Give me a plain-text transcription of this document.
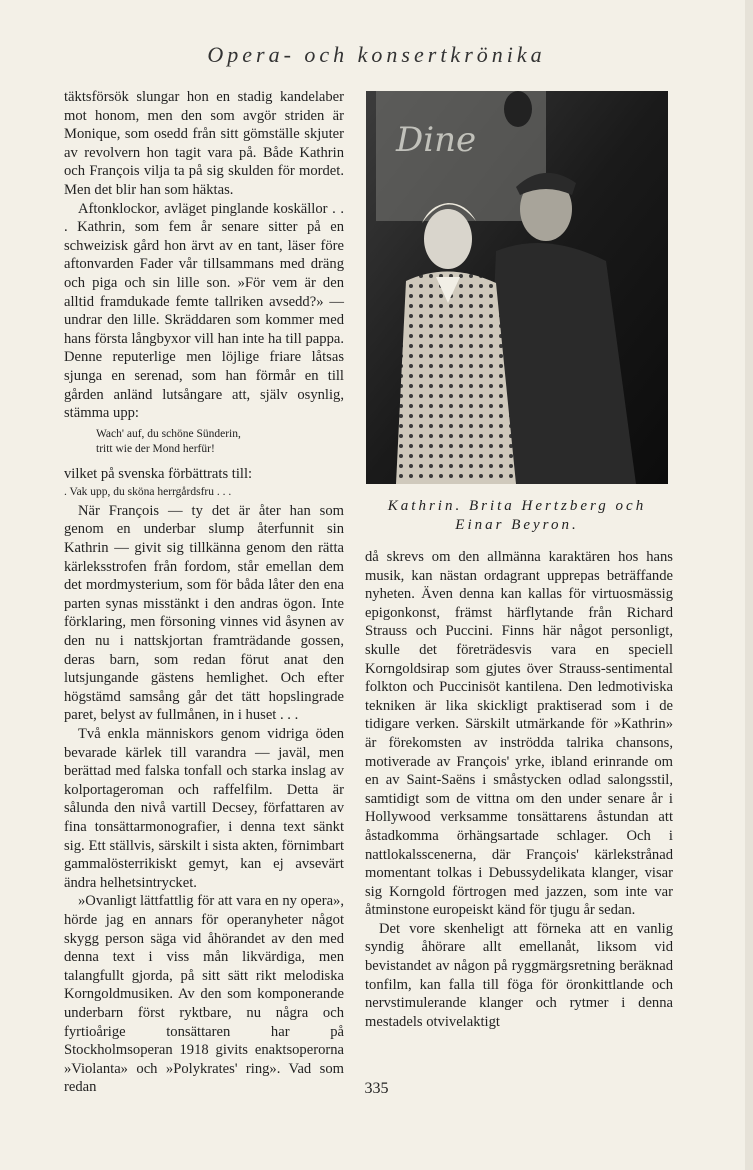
Opera- och konsertkrönika

täktsförsök slungar hon en stadig kandelaber mot honom, men den som avgör striden är Monique, som osedd från sitt gömställe skjuter av revolvern hon tagit vara på. Både Kathrin och François vilja ta på sig skulden för mordet. Men det blir han som häktas.

Aftonklockor, avläget pinglande koskällor . . . Kathrin, som fem år senare sitter på en schweizisk gård hon ärvt av en tant, läser före aftonvarden Fader vår tillsammans med dräng och piga och sin lille son. »För vem är den alltid framdukade femte tallriken avsedd?» — undrar den lille. Skräddaren som kommer med hans första långbyxor vill han inte ha till pappa. Denne reputerlige men löjlige friare låtsas sjunga en serenad, som han förmår en till gården anländ lutsångare att, själv osynlig, stämma upp:

Wach' auf, du schöne Sünderin,
tritt wie der Mond herfür!

vilket på svenska förbättrats till:

. Vak upp, du sköna herrgårdsfru . . .

När François — ty det är åter han som genom en underbar slump återfunnit sin Kathrin — givit sig tillkänna genom den rätta kärleksstrofen från fordom, står emellan dem det mordmysterium, som för båda låter den ena parten synas misstänkt i den andras ögon. Inte förklaring, men försoning vinnes vid åsynen av den nu i nattskjortan framträdande gossen, deras barn, som redan förut anat den lutsjungande gästens hemlighet. Och efter högstämd samsång går det tätt hopslingrade paret, belyst av fullmånen, in i huset . . .

Två enkla människors genom vidriga öden bevarade kärlek till varandra — javäl, men berättad med falska tonfall och starka inslag av kolportageroman och raffelfilm. Detta är sålunda den nivå vartill Decsey, författaren av fina tonsättarmonografier, i denna text sänkt sig. Ett ställvis, särskilt i sista akten, förnimbart gammalösterrikiskt gemyt, kan ej avsevärt ändra helhetsintrycket.

»Ovanligt lättfattlig för att vara en ny opera», hörde jag en annars för operanyheter något skygg person säga vid åhörandet av den med denna text i viss mån likvärdiga, men talangfullt gjorda, på sitt sätt rikt melodiska Korngoldmusiken. Av den som komponerande underbarn först ryktbare, nu några och fyrtioårige tonsättaren har på Stockholmsoperan 1918 givits enaktsoperorna »Violanta» och »Polykrates' ring». Vad som redan

Dine
Kathrin. Brita Hertzberg och
Einar Beyron.

då skrevs om den allmänna karaktären hos hans musik, kan nästan ordagrant upprepas beträffande nyheten. Även denna kan kallas för virtuosmässig epigonkonst, främst härflytande från Richard Strauss och Puccini. Finns här något personligt, skulle det företrädesvis vara en speciell Korngoldsirap som gjutes över Strauss-sentimental folkton och Puccinisöt kantilena. Den ledmotiviska tekniken är lika skickligt praktiserad som i de tidigare verken. Särskilt utmärkande för »Kathrin» är förekomsten av inströdda talrika chansons, motiverade av François' yrke, ibland erinrande om en av Saint-Saëns i småstycken odlad salongsstil, samtidigt som de vittna om den under senare år i Hollywood verksamme tonsättarens åstundan att åstadkomma örhängsartade schlager. Och i nattlokalsscenerna, där François' kärlekstrånad momentant tolkas i Debussydelikata klanger, visar sig Korngold förtrogen med jazzen, som inte var åtminstone europeiskt känd för tjugu år sedan.

Det vore skenheligt att förneka att en vanlig syndig åhörare allt emellanåt, liksom vid bevistandet av någon på ryggmärgsretning beräknad tonfilm, kan falla till föga för öronkittlande och nervstimulerande klanger och rytmer i denna mestadels otvivelaktigt

335
